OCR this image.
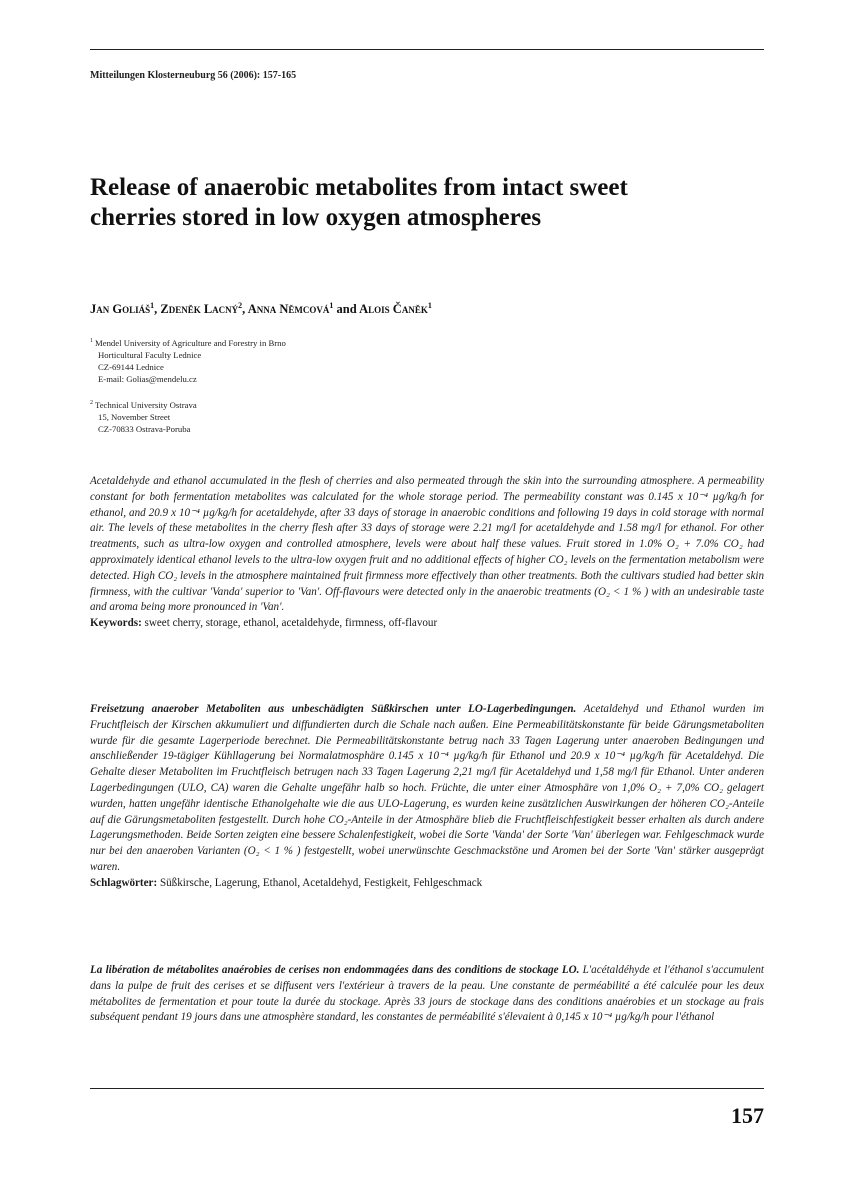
Mitteilungen Klosterneuburg 56 (2006): 157-165
Release of anaerobic metabolites from intact sweet
cherries stored in low oxygen atmospheres
Jan Goliáš$^1$, Zdeněk Lacný$^2$, Anna Němcová$^1$ and Alois Čaněk$^1$
$^1$ Mendel University of Agriculture and Forestry in Brno
Horticultural Faculty Lednice
CZ-69144 Lednice
E-mail: Golias@mendelu.cz
$^2$ Technical University Ostrava
15, November Street
CZ-70833 Ostrava-Poruba
Acetaldehyde and ethanol accumulated in the flesh of cherries and also permeated through the skin into the surrounding atmosphere. A permeability constant for both fermentation metabolites was calculated for the whole storage period. The permeability constant was 0.145 x 10⁻⁴ µg/kg/h for ethanol, and 20.9 x 10⁻⁴ µg/kg/h for acetaldehyde, after 33 days of storage in anaerobic conditions and following 19 days in cold storage with normal air. The levels of these metabolites in the cherry flesh after 33 days of storage were 2.21 mg/l for acetaldehyde and 1.58 mg/l for ethanol. For other treatments, such as ultra-low oxygen and controlled atmosphere, levels were about half these values. Fruit stored in 1.0% O₂ + 7.0% CO₂ had approximately identical ethanol levels to the ultra-low oxygen fruit and no additional effects of higher CO₂ levels on the fermentation metabolism were detected. High CO₂ levels in the atmosphere maintained fruit firmness more effectively than other treatments. Both the cultivars studied had better skin firmness, with the cultivar 'Vanda' superior to 'Van'. Off-flavours were detected only in the anaerobic treatments (O₂ < 1 % ) with an undesirable taste and aroma being more pronounced in 'Van'.
Keywords: sweet cherry, storage, ethanol, acetaldehyde, firmness, off-flavour
Freisetzung anaerober Metaboliten aus unbeschädigten Süßkirschen unter LO-Lagerbedingungen. Acetaldehyd und Ethanol wurden im Fruchtfleisch der Kirschen akkumuliert und diffundierten durch die Schale nach außen. Eine Permeabilitätskonstante für beide Gärungsmetaboliten wurde für die gesamte Lagerperiode berechnet. Die Permeabilitätskonstante betrug nach 33 Tagen Lagerung unter anaeroben Bedingungen und anschließender 19-tägiger Kühllagerung bei Normalatmosphäre 0.145 x 10⁻⁴ µg/kg/h für Ethanol und 20.9 x 10⁻⁴ µg/kg/h für Acetaldehyd. Die Gehalte dieser Metaboliten im Fruchtfleisch betrugen nach 33 Tagen Lagerung 2,21 mg/l für Acetaldehyd und 1,58 mg/l für Ethanol. Unter anderen Lagerbedingungen (ULO, CA) waren die Gehalte ungefähr halb so hoch. Früchte, die unter einer Atmosphäre von 1,0% O₂ + 7,0% CO₂ gelagert wurden, hatten ungefähr identische Ethanolgehalte wie die aus ULO-Lagerung, es wurden keine zusätzlichen Auswirkungen der höheren CO₂-Anteile auf die Gärungsmetaboliten festgestellt. Durch hohe CO₂-Anteile in der Atmosphäre blieb die Fruchtfleischfestigkeit besser erhalten als durch andere Lagerungsmethoden. Beide Sorten zeigten eine bessere Schalenfestigkeit, wobei die Sorte 'Vanda' der Sorte 'Van' überlegen war. Fehlgeschmack wurde nur bei den anaeroben Varianten (O₂ < 1 % ) festgestellt, wobei unerwünschte Geschmackstöne und Aromen bei der Sorte 'Van' stärker ausgeprägt waren.
Schlagwörter: Süßkirsche, Lagerung, Ethanol, Acetaldehyd, Festigkeit, Fehlgeschmack
La libération de métabolites anaérobies de cerises non endommagées dans des conditions de stockage LO. L'acétaldéhyde et l'éthanol s'accumulent dans la pulpe de fruit des cerises et se diffusent vers l'extérieur à travers de la peau. Une constante de perméabilité a été calculée pour les deux métabolites de fermentation et pour toute la durée du stockage. Après 33 jours de stockage dans des conditions anaérobies et un stockage au frais subséquent pendant 19 jours dans une atmosphère standard, les constantes de perméabilité s'élevaient à 0,145 x 10⁻⁴ µg/kg/h pour l'éthanol
157
